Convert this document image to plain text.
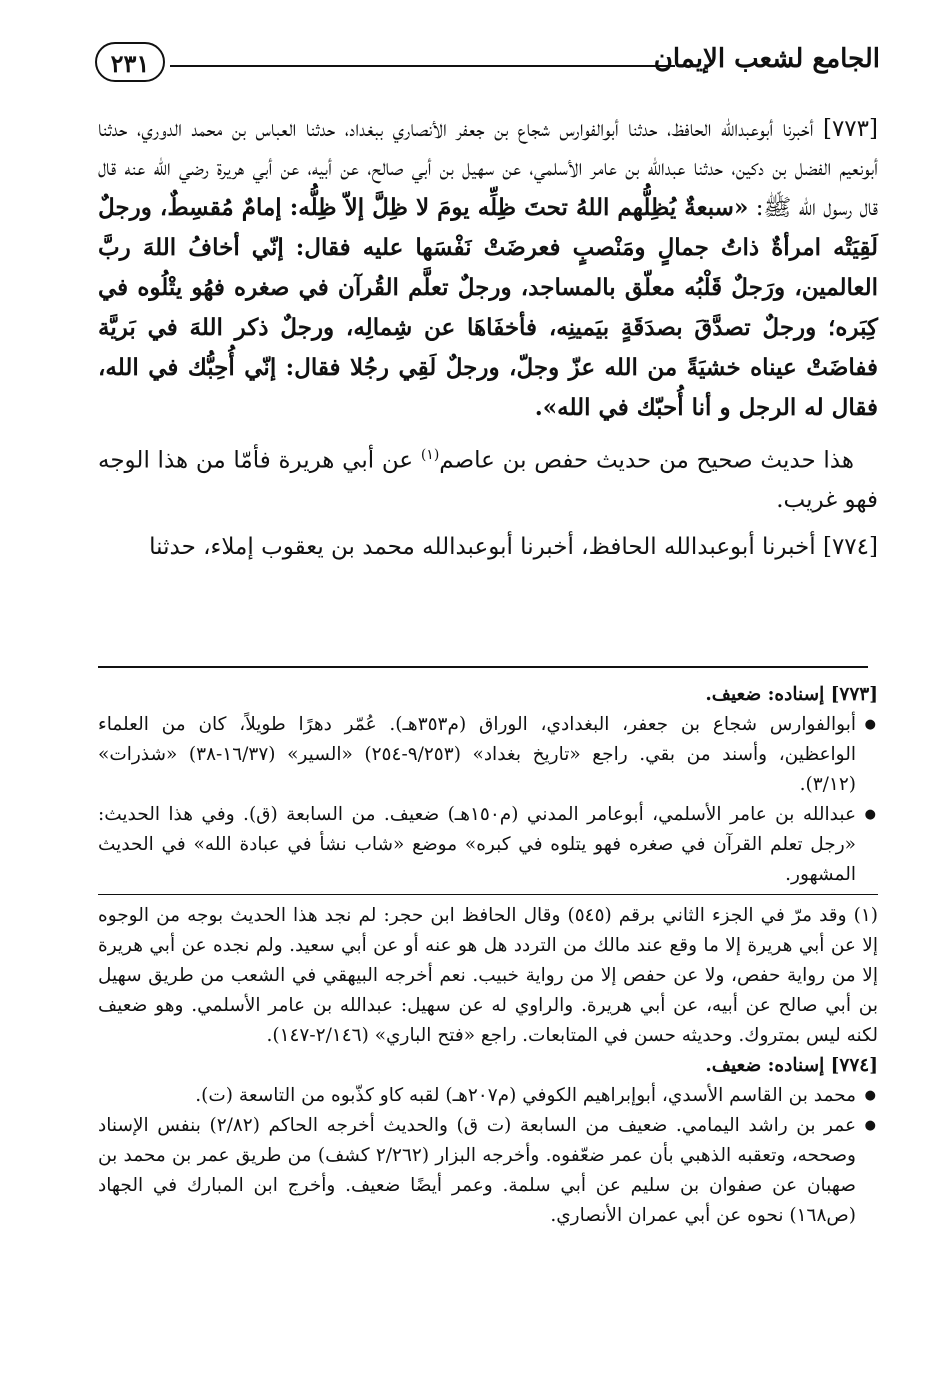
الجامع لشعب الإيمان
٢٣١

[٧٧٣] أخبرنا أبوعبدالله الحافظ، حدثنا أبوالفوارس شجاع بن جعفر الأنصاري ببغداد، حدثنا العباس بن محمد الدوري، حدثنا أبونعيم الفضل بن دكين، حدثنا عبدالله بن عامر الأسلمي، عن سهيل بن أبي صالح، عن أبيه، عن أبي هريرة رضي الله عنه قال قال رسول الله ﷺ: «سبعةٌ يُظِلُّهم اللهُ تحتَ ظِلِّه يومَ لا ظِلَّ إلاّ ظِلُّه: إمامٌ مُقسِطٌ، ورجلٌ لَقِيَتْه امرأةٌ ذاتُ جمالٍ ومَنْصبٍ فعرضَتْ نَفْسَها عليه فقال: إنّي أخافُ اللهَ ربَّ العالمين، ورَجلٌ قَلْبُه معلّق بالمساجد، ورجلٌ تعلَّم القُرآن في صغره فهُو يتْلُوه في كِبَره؛ ورجلٌ تصدَّقَ بصدَقَةٍ بيَمينِه، فأخفَاهَا عن شِمالِه، ورجلٌ ذكر اللهَ في بَريَّة ففاضَتْ عيناه خشيَةً من الله عزّ وجلّ، ورجلٌ لَقِي رجُلا فقال: إنّي أُحِبُّك في الله، فقال له الرجل و أنا أُحبّك في الله».

هذا حديث صحيح من حديث حفص بن عاصم$^{(١)}$ عن أبي هريرة فأمّا من هذا الوجه فهو غريب.

[٧٧٤] أخبرنا أبوعبدالله الحافظ، أخبرنا أبوعبدالله محمد بن يعقوب إملاء، حدثنا

[٧٧٣] إسناده: ضعيف.

● أبوالفوارس شجاع بن جعفر، البغدادي، الوراق (م٣٥٣هـ). عُمّر دهرًا طويلاً، كان من العلماء الواعظين، وأسند من بقي. راجع «تاريخ بغداد» (٩/٢٥٣-٢٥٤) «السير» (١٦/٣٧-٣٨) «شذرات» (٣/١٢).

● عبدالله بن عامر الأسلمي، أبوعامر المدني (م١٥٠هـ) ضعيف. من السابعة (ق). وفي هذا الحديث: «رجل تعلم القرآن في صغره فهو يتلوه في كبره» موضع «شاب نشأ في عبادة الله» في الحديث المشهور.

(١) وقد مرّ في الجزء الثاني برقم (٥٤٥) وقال الحافظ ابن حجر: لم نجد هذا الحديث بوجه من الوجوه إلا عن أبي هريرة إلا ما وقع عند مالك من التردد هل هو عنه أو عن أبي سعيد. ولم نجده عن أبي هريرة إلا من رواية حفص، ولا عن حفص إلا من رواية خبيب. نعم أخرجه البيهقي في الشعب من طريق سهيل بن أبي صالح عن أبيه، عن أبي هريرة. والراوي له عن سهيل: عبدالله بن عامر الأسلمي. وهو ضعيف لكنه ليس بمتروك. وحديثه حسن في المتابعات. راجع «فتح الباري» (٢/١٤٦-١٤٧).

[٧٧٤] إسناده: ضعيف.

● محمد بن القاسم الأسدي، أبوإبراهيم الكوفي (م٢٠٧هـ) لقبه كاو كذّبوه من التاسعة (ت).

● عمر بن راشد اليمامي. ضعيف من السابعة (ت ق) والحديث أخرجه الحاكم (٢/٨٢) بنفس الإسناد وصححه، وتعقبه الذهبي بأن عمر ضعّفوه. وأخرجه البزار (٢/٢٦٢ كشف) من طريق عمر بن محمد بن صهبان عن صفوان بن سليم عن أبي سلمة. وعمر أيضًا ضعيف. وأخرج ابن المبارك في الجهاد (ص١٦٨) نحوه عن أبي عمران الأنصاري.
